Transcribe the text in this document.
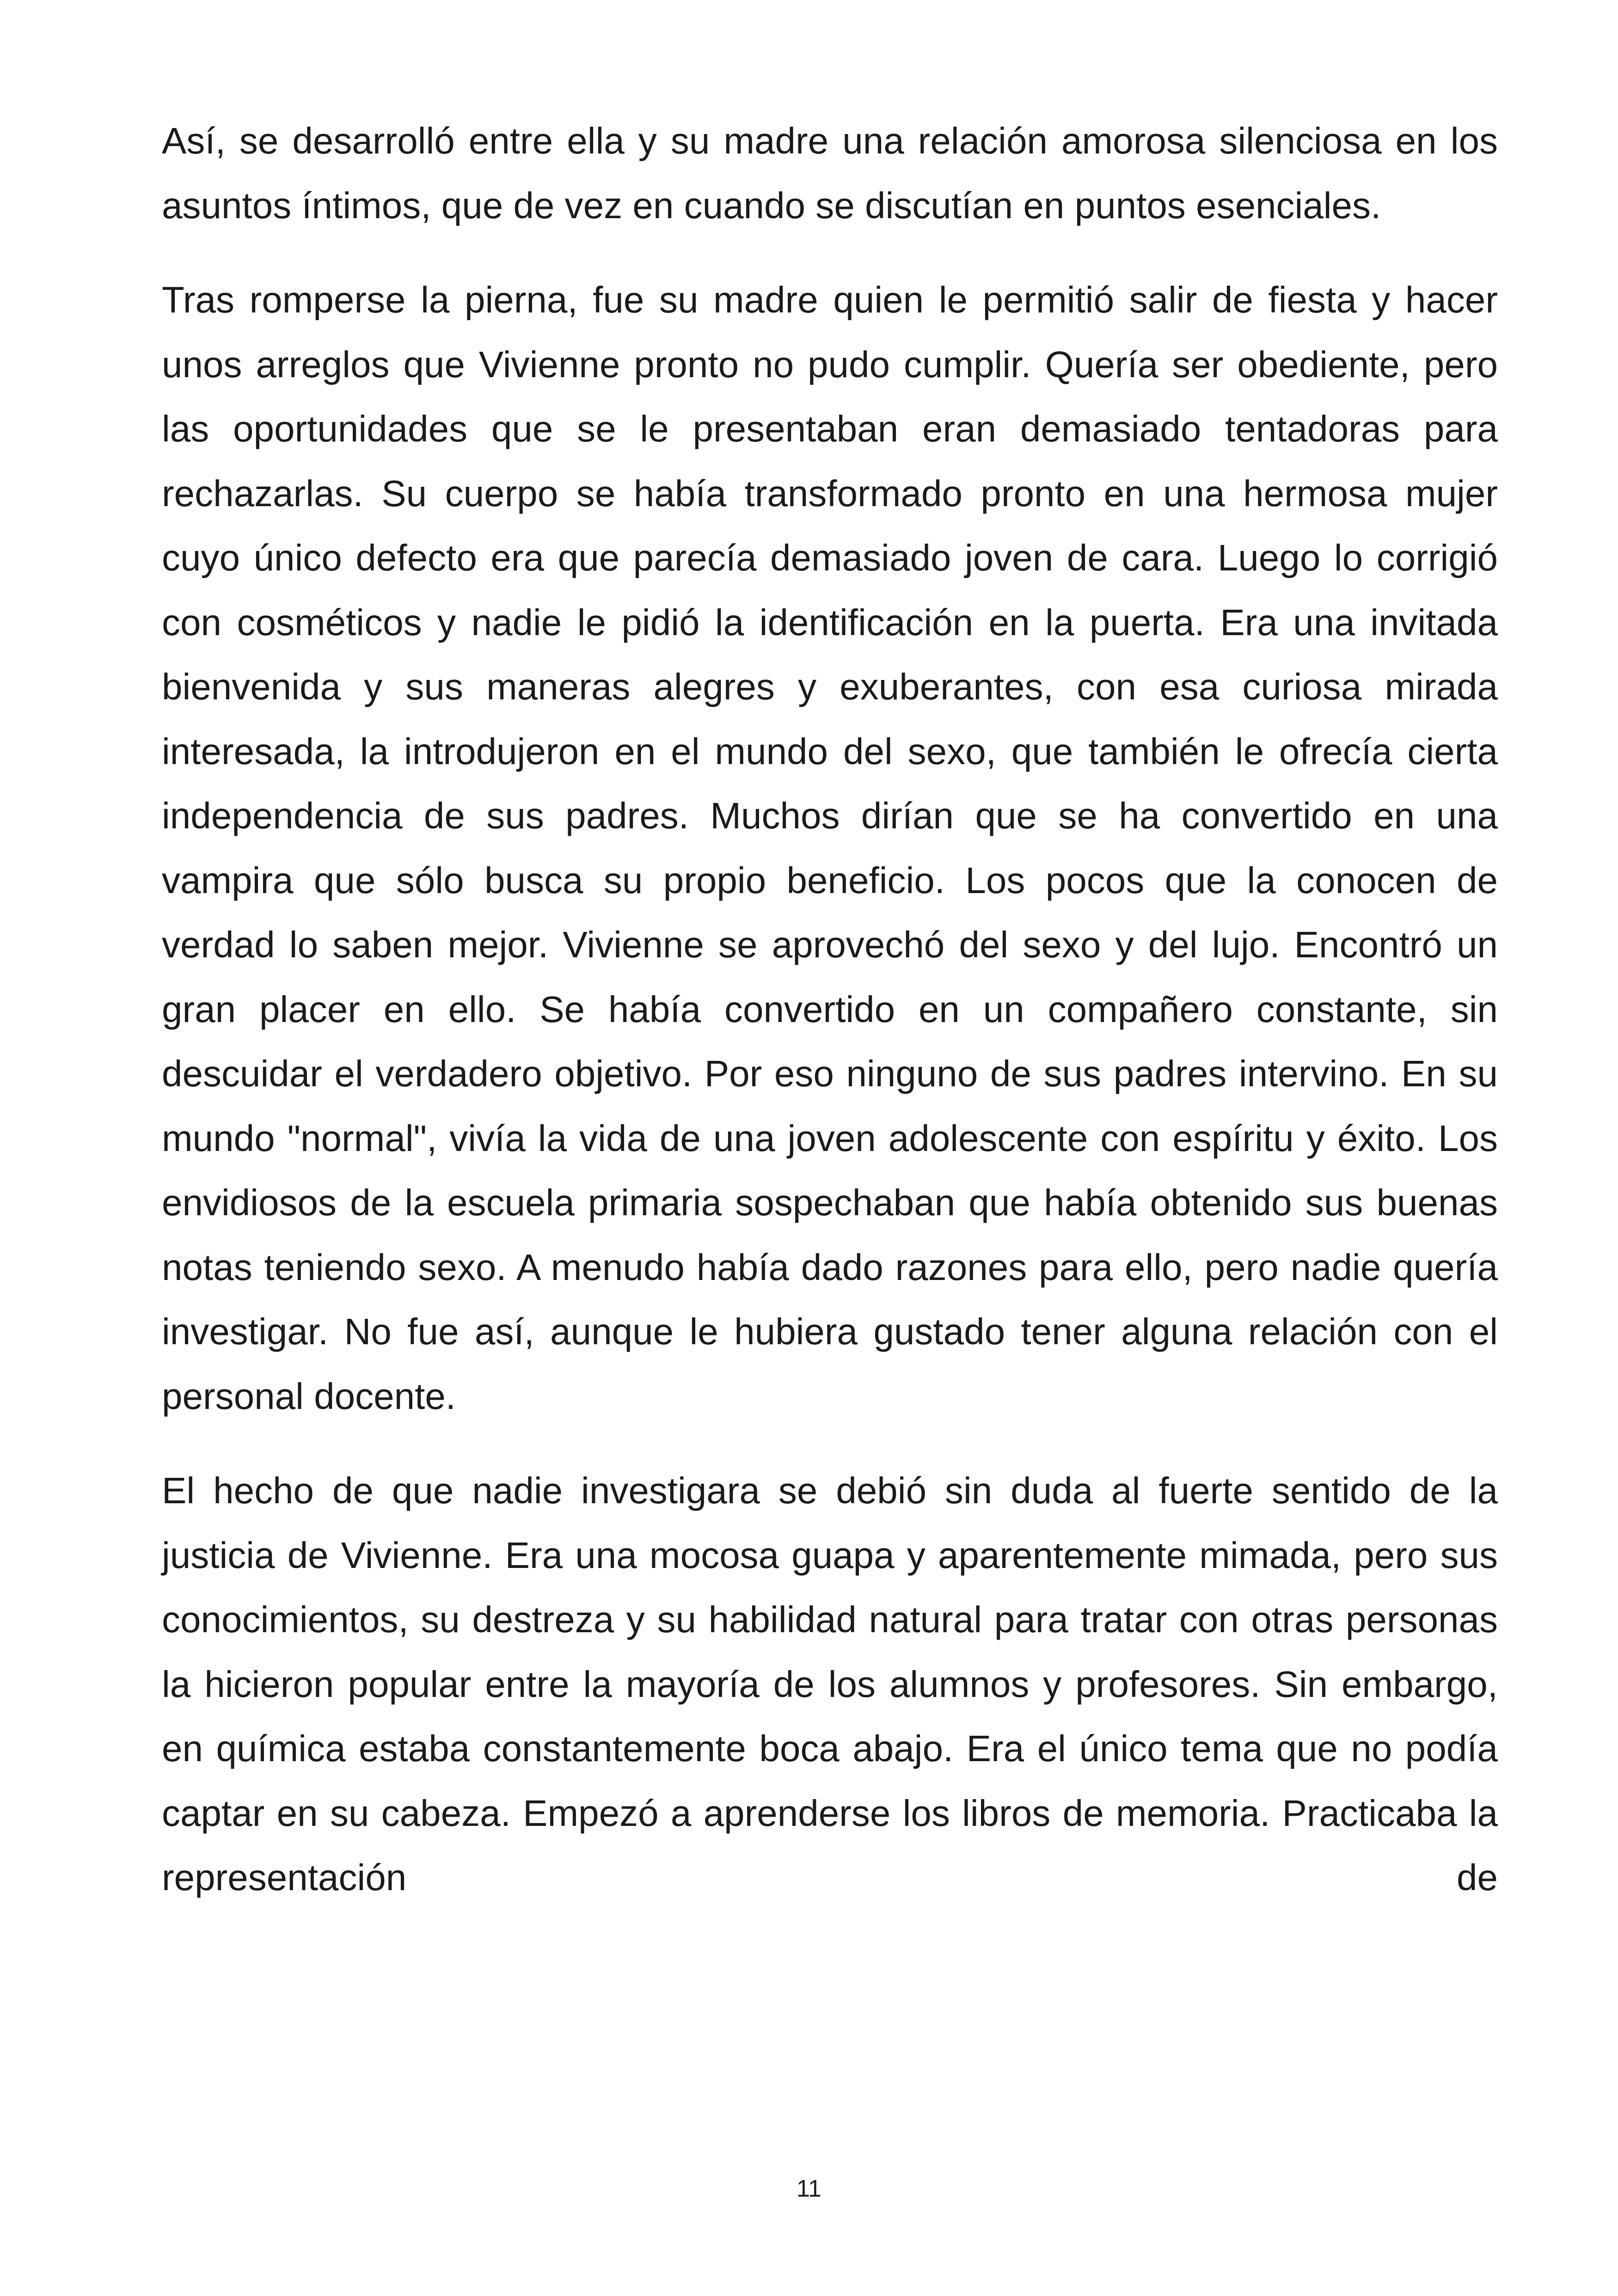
Así, se desarrolló entre ella y su madre una relación amorosa silenciosa en los asuntos íntimos, que de vez en cuando se discutían en puntos esenciales.

Tras romperse la pierna, fue su madre quien le permitió salir de fiesta y hacer unos arreglos que Vivienne pronto no pudo cumplir. Quería ser obediente, pero las oportunidades que se le presentaban eran demasiado tentadoras para rechazarlas. Su cuerpo se había transformado pronto en una hermosa mujer cuyo único defecto era que parecía demasiado joven de cara. Luego lo corrigió con cosméticos y nadie le pidió la identificación en la puerta. Era una invitada bienvenida y sus maneras alegres y exuberantes, con esa curiosa mirada interesada, la introdujeron en el mundo del sexo, que también le ofrecía cierta independencia de sus padres. Muchos dirían que se ha convertido en una vampira que sólo busca su propio beneficio. Los pocos que la conocen de verdad lo saben mejor. Vivienne se aprovechó del sexo y del lujo. Encontró un gran placer en ello. Se había convertido en un compañero constante, sin descuidar el verdadero objetivo. Por eso ninguno de sus padres intervino. En su mundo "normal", vivía la vida de una joven adolescente con espíritu y éxito. Los envidiosos de la escuela primaria sospechaban que había obtenido sus buenas notas teniendo sexo. A menudo había dado razones para ello, pero nadie quería investigar. No fue así, aunque le hubiera gustado tener alguna relación con el personal docente.

El hecho de que nadie investigara se debió sin duda al fuerte sentido de la justicia de Vivienne. Era una mocosa guapa y aparentemente mimada, pero sus conocimientos, su destreza y su habilidad natural para tratar con otras personas la hicieron popular entre la mayoría de los alumnos y profesores. Sin embargo, en química estaba constantemente boca abajo. Era el único tema que no podía captar en su cabeza. Empezó a aprenderse los libros de memoria. Practicaba la representación de

11
